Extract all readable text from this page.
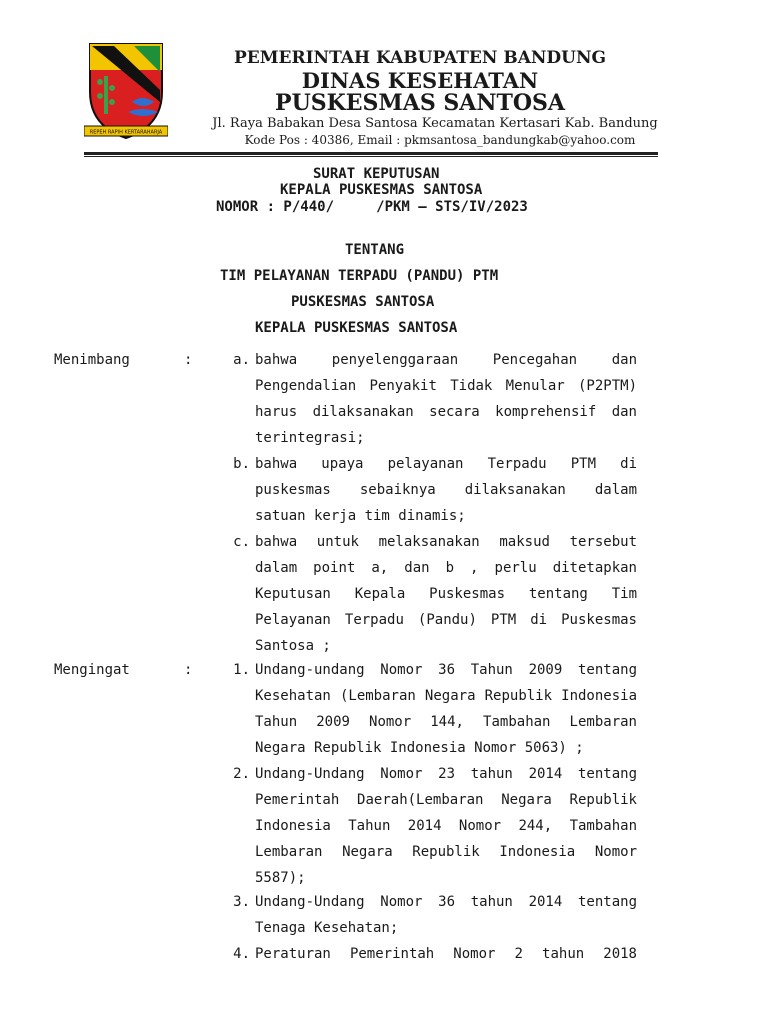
REPEH RAPIH KERTARAHARJA
PEMERINTAH KABUPATEN BANDUNG
DINAS KESEHATAN
PUSKESMAS SANTOSA
Jl. Raya Babakan Desa Santosa Kecamatan Kertasari Kab. Bandung
Kode Pos : 40386, Email : pkmsantosa_bandungkab@yahoo.com
SURAT KEPUTUSAN
KEPALA PUSKESMAS SANTOSA
NOMOR : P/440/     /PKM – STS/IV/2023
TENTANG
TIM PELAYANAN TERPADU (PANDU) PTM
PUSKESMAS SANTOSA
KEPALA PUSKESMAS SANTOSA
Menimbang	:	a. bahwa penyelenggaraan Pencegahan dan
Pengendalian Penyakit Tidak Menular (P2PTM)
harus dilaksanakan secara komprehensif dan
terintegrasi;
b. bahwa upaya pelayanan Terpadu PTM di
puskesmas sebaiknya dilaksanakan dalam
satuan kerja tim dinamis;
c. bahwa untuk melaksanakan maksud tersebut
dalam point a, dan b , perlu ditetapkan
Keputusan Kepala Puskesmas tentang Tim
Pelayanan Terpadu (Pandu) PTM di Puskesmas
Santosa ;
Mengingat	:	1. Undang-undang Nomor 36 Tahun 2009 tentang
Kesehatan (Lembaran Negara Republik Indonesia
Tahun 2009 Nomor 144, Tambahan Lembaran
Negara Republik Indonesia Nomor 5063) ;
2. Undang-Undang Nomor 23 tahun 2014 tentang
Pemerintah Daerah(Lembaran Negara Republik
Indonesia Tahun 2014 Nomor 244, Tambahan
Lembaran Negara Republik Indonesia Nomor
5587);
3. Undang-Undang Nomor 36 tahun 2014 tentang
Tenaga Kesehatan;
4. Peraturan Pemerintah Nomor 2 tahun 2018
